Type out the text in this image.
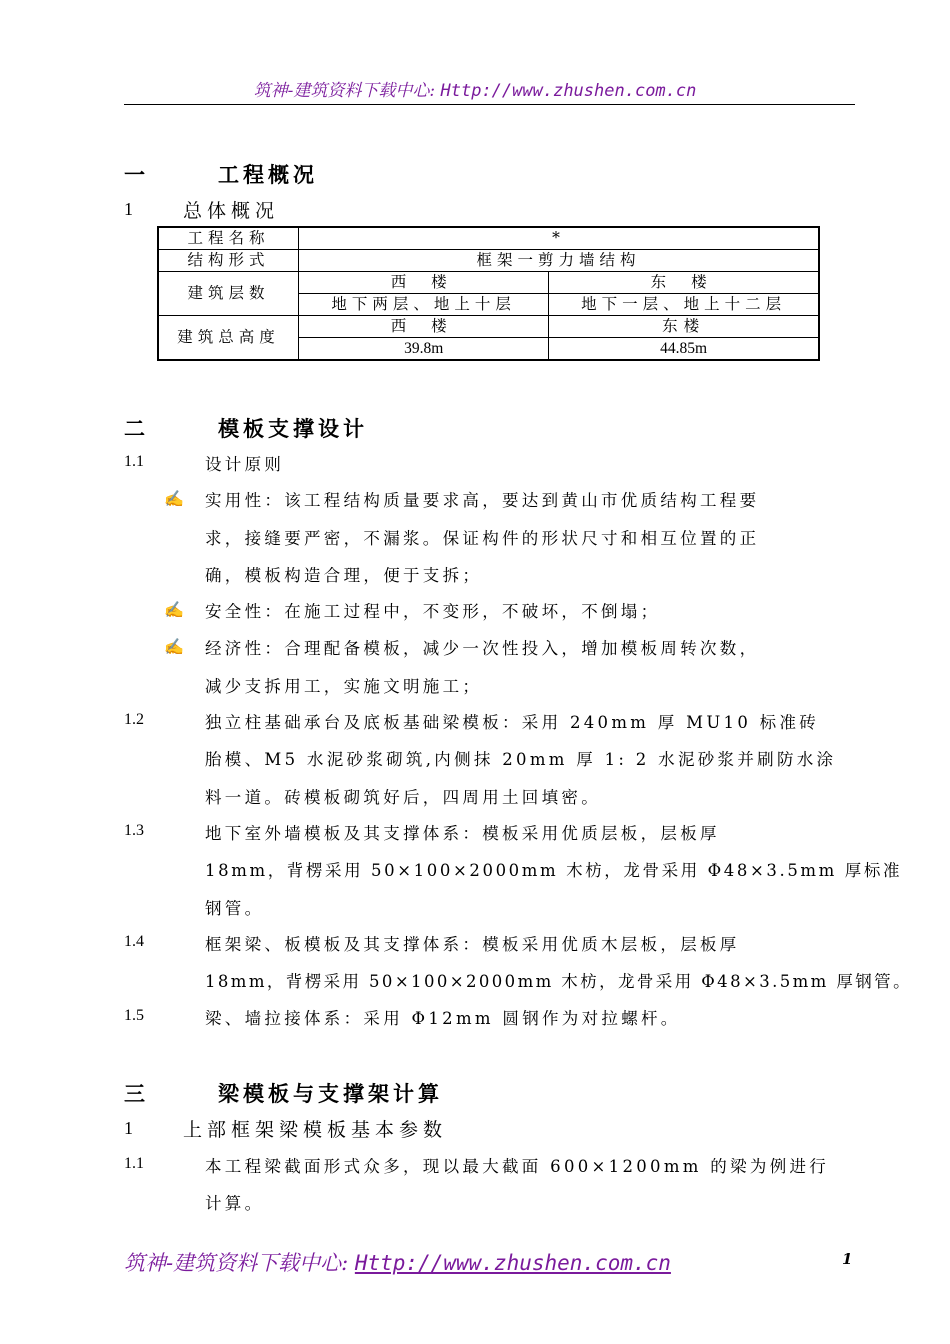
筑神-建筑资料下载中心: Http://www.zhushen.com.cn
一	工程概况
1	总体概况
工程名称	*	
结构形式	框架一剪力墙结构	
建筑层数	西 楼	东 楼
	地下两层、地上十层	地下一层、地上十二层
建筑总高度	西 楼	东楼
	39.8m	44.85m
二	模板支撑设计
1.1	设计原则
✍ 实用性：该工程结构质量要求高，要达到黄山市优质结构工程要
求，接缝要严密，不漏浆。保证构件的形状尺寸和相互位置的正
确，模板构造合理，便于支拆；
✍ 安全性：在施工过程中，不变形，不破坏，不倒塌；
✍ 经济性：合理配备模板，减少一次性投入，增加模板周转次数，
减少支拆用工，实施文明施工；
1.2	独立柱基础承台及底板基础梁模板：采用 240mm 厚 MU10 标准砖
胎模、M5 水泥砂浆砌筑,内侧抹 20mm 厚 1: 2 水泥砂浆并刷防水涂
料一道。砖模板砌筑好后，四周用土回填密。
1.3	地下室外墙模板及其支撑体系：模板采用优质层板，层板厚
18mm，背楞采用 50×100×2000mm 木枋，龙骨采用 Φ48×3.5mm 厚标准
钢管。
1.4	框架梁、板模板及其支撑体系：模板采用优质木层板，层板厚
18mm，背楞采用 50×100×2000mm 木枋，龙骨采用 Φ48×3.5mm 厚钢管。
1.5	梁、墙拉接体系：采用 Φ12mm 圆钢作为对拉螺杆。
三	梁模板与支撑架计算
1	上部框架梁模板基本参数
1.1	本工程梁截面形式众多，现以最大截面 600×1200mm 的梁为例进行
计算。
筑神-建筑资料下载中心: Http://www.zhushen.com.cn	1
